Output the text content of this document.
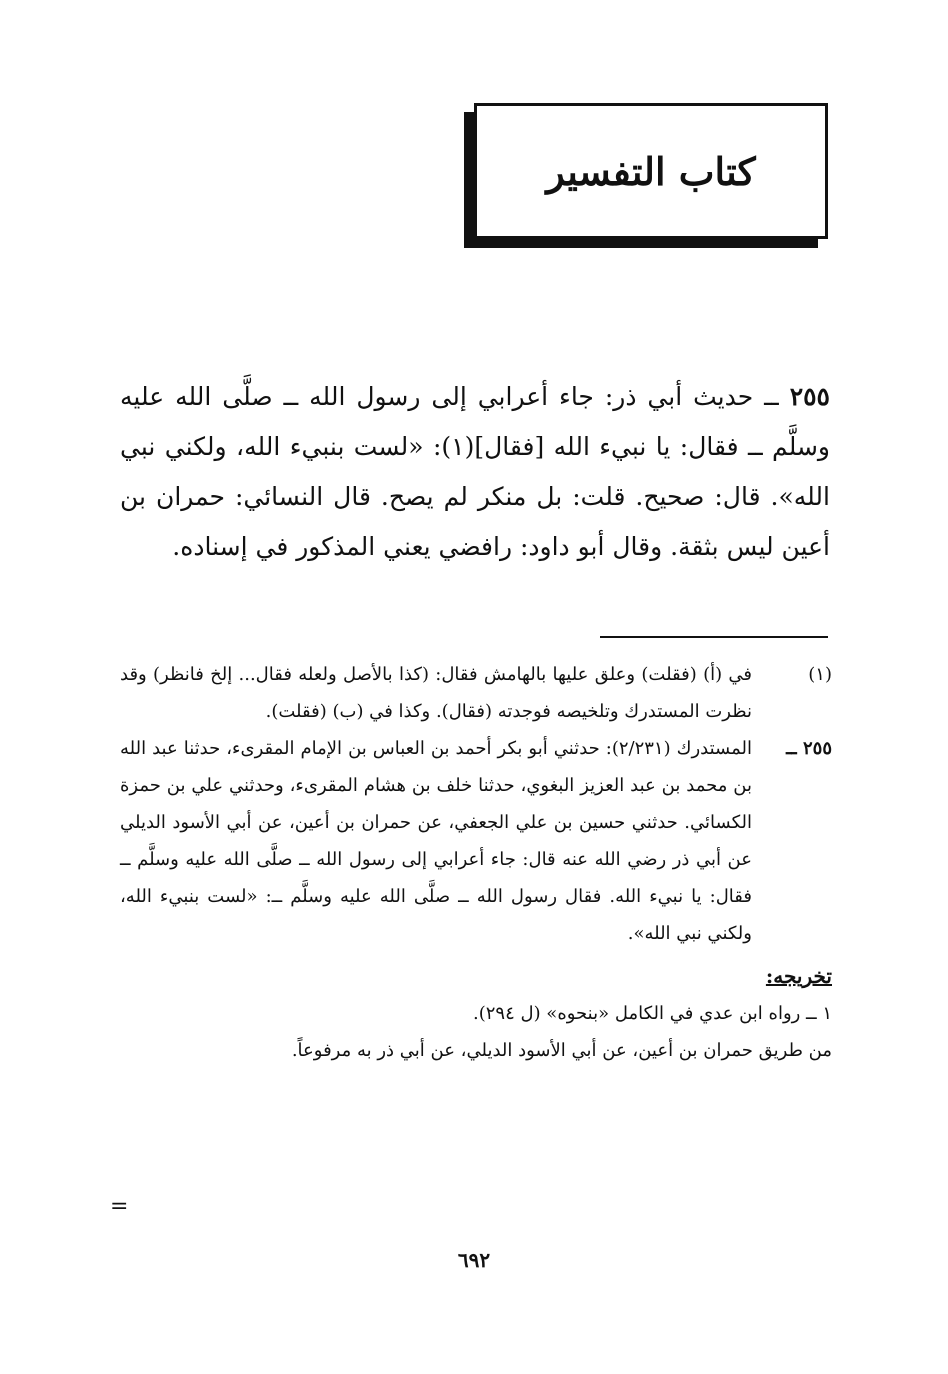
كتاب التفسير
٢٥٥ ــ حديث أبي ذر: جاء أعرابي إلى رسول الله ــ صلَّى الله عليه وسلَّم ــ فقال: يا نبيء الله [فقال](١): «لست بنبيء الله، ولكني نبي الله». قال: صحيح. قلت: بل منكر لم يصح. قال النسائي: حمران بن أعين ليس بثقة. وقال أبو داود: رافضي يعني المذكور في إسناده.
(١)
في (أ) (فقلت) وعلق عليها بالهامش فقال: (كذا بالأصل ولعله فقال... إلخ فانظر) وقد نظرت المستدرك وتلخيصه فوجدته (فقال). وكذا في (ب) (فقلت).
٢٥٥ ــ
المستدرك (٢/٢٣١): حدثني أبو بكر أحمد بن العباس بن الإمام المقرىء، حدثنا عبد الله بن محمد بن عبد العزيز البغوي، حدثنا خلف بن هشام المقرىء، وحدثني علي بن حمزة الكسائي. حدثني حسين بن علي الجعفي، عن حمران بن أعين، عن أبي الأسود الديلي عن أبي ذر رضي الله عنه قال: جاء أعرابي إلى رسول الله ــ صلَّى الله عليه وسلَّم ــ فقال: يا نبيء الله. فقال رسول الله ــ صلَّى الله عليه وسلَّم ــ: «لست بنبيء الله، ولكني نبي الله».
تخريجه:
١ ــ رواه ابن عدي في الكامل «بنحوه» (ل ٢٩٤).
من طريق حمران بن أعين، عن أبي الأسود الديلي، عن أبي ذر به مرفوعاً.
=
٦٩٢
